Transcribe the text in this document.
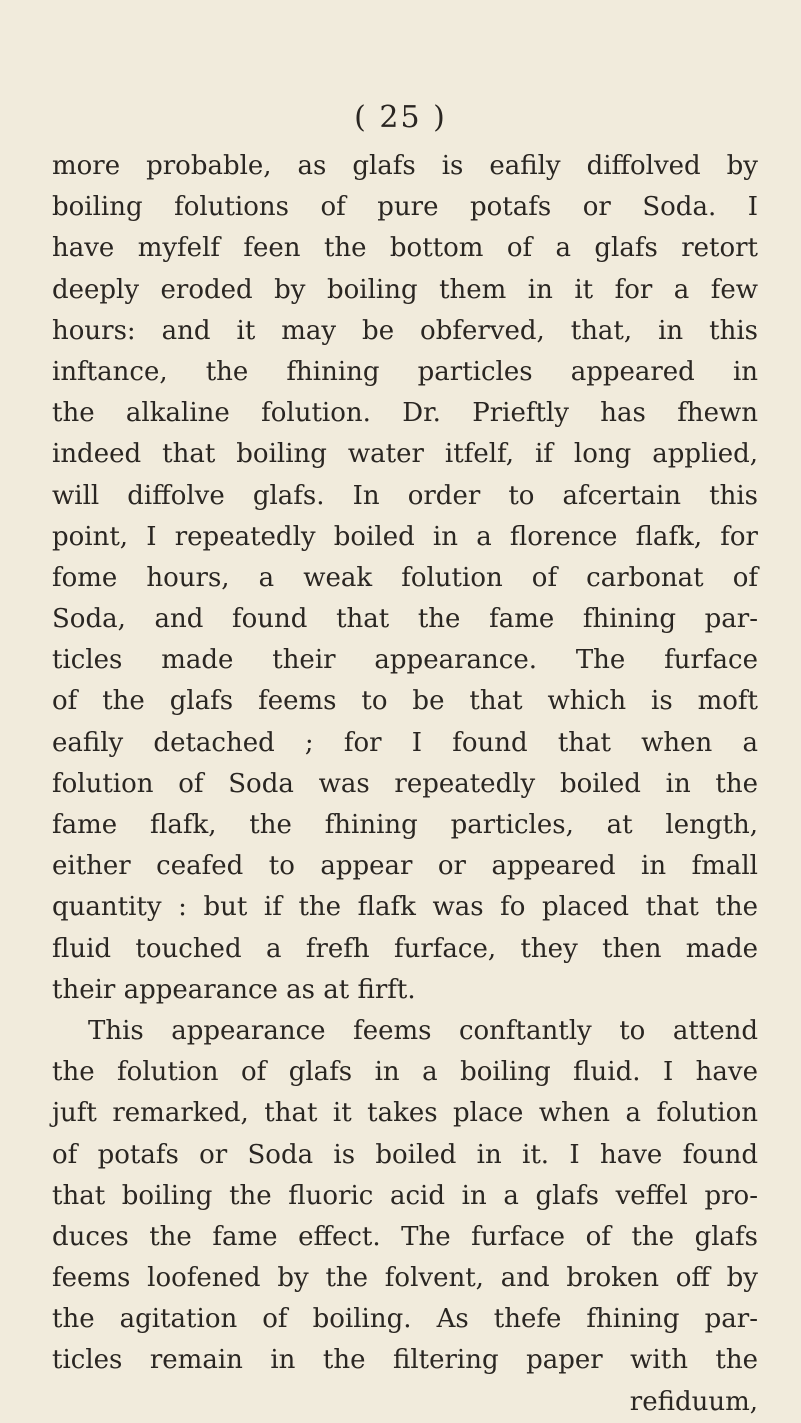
( 25 )
more probable, as glafs is eafily diffolved by
boiling folutions of pure potafs or Soda. I
have myfelf feen the bottom of a glafs retort
deeply eroded by boiling them in it for a few
hours: and it may be obferved, that, in this
inftance, the fhining particles appeared in
the alkaline folution. Dr. Prieftly has fhewn
indeed that boiling water itfelf, if long applied,
will diffolve glafs. In order to afcertain this
point, I repeatedly boiled in a florence flafk, for
fome hours, a weak folution of carbonat of
Soda, and found that the fame fhining par-
ticles made their appearance. The furface
of the glafs feems to be that which is moft
eafily detached ; for I found that when a
folution of Soda was repeatedly boiled in the
fame flafk, the fhining particles, at length,
either ceafed to appear or appeared in fmall
quantity : but if the flafk was fo placed that the
fluid touched a frefh furface, they then made
their appearance as at firft.
This appearance feems conftantly to attend
the folution of glafs in a boiling fluid. I have
juft remarked, that it takes place when a folution
of potafs or Soda is boiled in it. I have found
that boiling the fluoric acid in a glafs veffel pro-
duces the fame effect. The furface of the glafs
feems loofened by the folvent, and broken off by
the agitation of boiling. As thefe fhining par-
ticles remain in the filtering paper with the
refiduum,
